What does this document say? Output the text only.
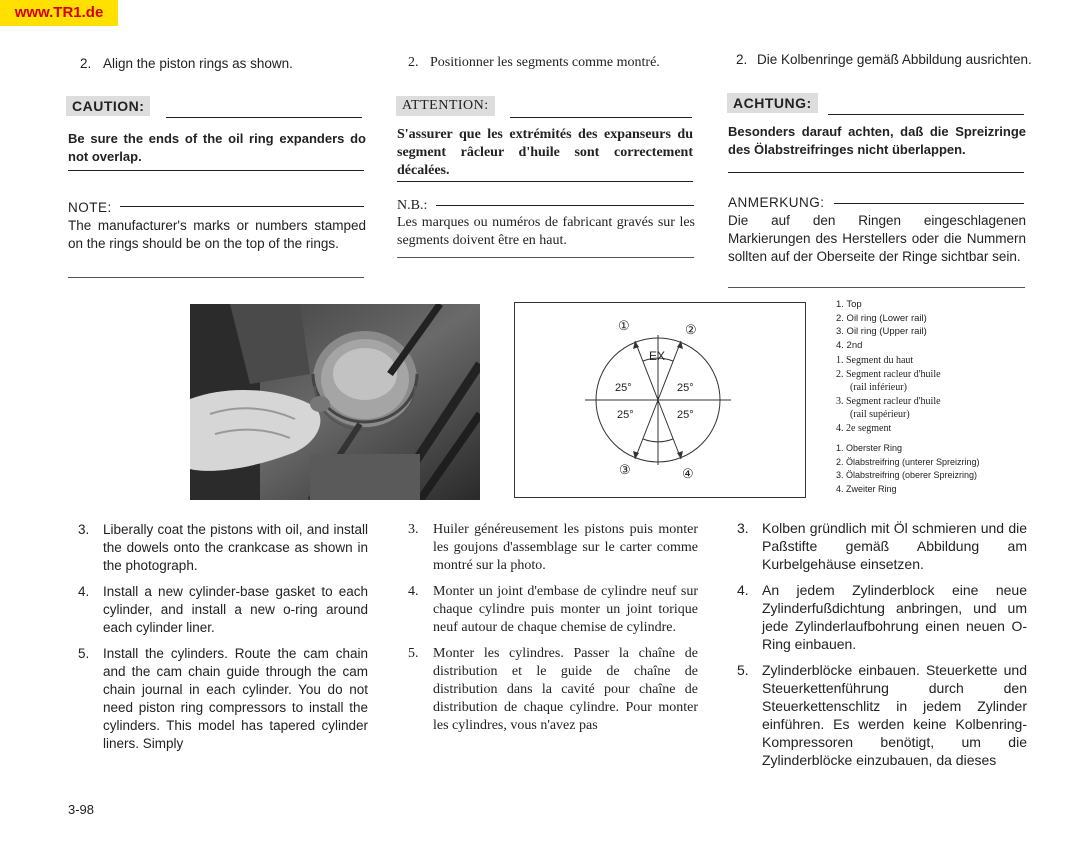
www.TR1.de
2. Align the piston rings as shown.
CAUTION:
Be sure the ends of the oil ring expanders do not overlap.
NOTE:
The manufacturer's marks or numbers stamped on the rings should be on the top of the rings.
2. Positionner les segments comme montré.
ATTENTION:
S'assurer que les extrémités des expanseurs du segment râcleur d'huile sont correctement décalées.
N.B.:
Les marques ou numéros de fabricant gravés sur les segments doivent être en haut.
2. Die Kolbenringe gemäß Abbildung ausrichten.
ACHTUNG:
Besonders darauf achten, daß die Spreizringe des Ölabstreifringes nicht überlappen.
ANMERKUNG:
Die auf den Ringen eingeschlagenen Markierungen des Herstellers oder die Nummern sollten auf der Oberseite der Ringe sichtbar sein.
①	②
③	④
EX
25°	25°
25°	25°
1. Top
2. Oil ring (Lower rail)
3. Oil ring (Upper rail)
4. 2nd
1. Segment du haut
2. Segment racleur d'huile
(rail inférieur)
3. Segment racleur d'huile
(rail supérieur)
4. 2e segment
1. Oberster Ring
2. Ölabstreifring (unterer Spreizring)
3. Ölabstreifring (oberer Spreizring)
4. Zweiter Ring
3. Liberally coat the pistons with oil, and install the dowels onto the crankcase as shown in the photograph.
4. Install a new cylinder-base gasket to each cylinder, and install a new o-ring around each cylinder liner.
5. Install the cylinders. Route the cam chain and the cam chain guide through the cam chain journal in each cylinder. You do not need piston ring compressors to install the cylinders. This model has tapered cylinder liners. Simply
3. Huiler généreusement les pistons puis monter les goujons d'assemblage sur le carter comme montré sur la photo.
4. Monter un joint d'embase de cylindre neuf sur chaque cylindre puis monter un joint torique neuf autour de chaque chemise de cylindre.
5. Monter les cylindres. Passer la chaîne de distribution et le guide de chaîne de distribution dans la cavité pour chaîne de distribution de chaque cylindre. Pour monter les cylindres, vous n'avez pas
3. Kolben gründlich mit Öl schmieren und die Paßstifte gemäß Abbildung am Kurbelgehäuse einsetzen.
4. An jedem Zylinderblock eine neue Zylinderfußdichtung anbringen, und um jede Zylinderlaufbohrung einen neuen O-Ring einbauen.
5. Zylinderblöcke einbauen. Steuerkette und Steuerkettenführung durch den Steuerkettenschlitz in jedem Zylinder einführen. Es werden keine Kolbenring-Kompressoren benötigt, um die Zylinderblöcke einzubauen, da dieses
3-98
